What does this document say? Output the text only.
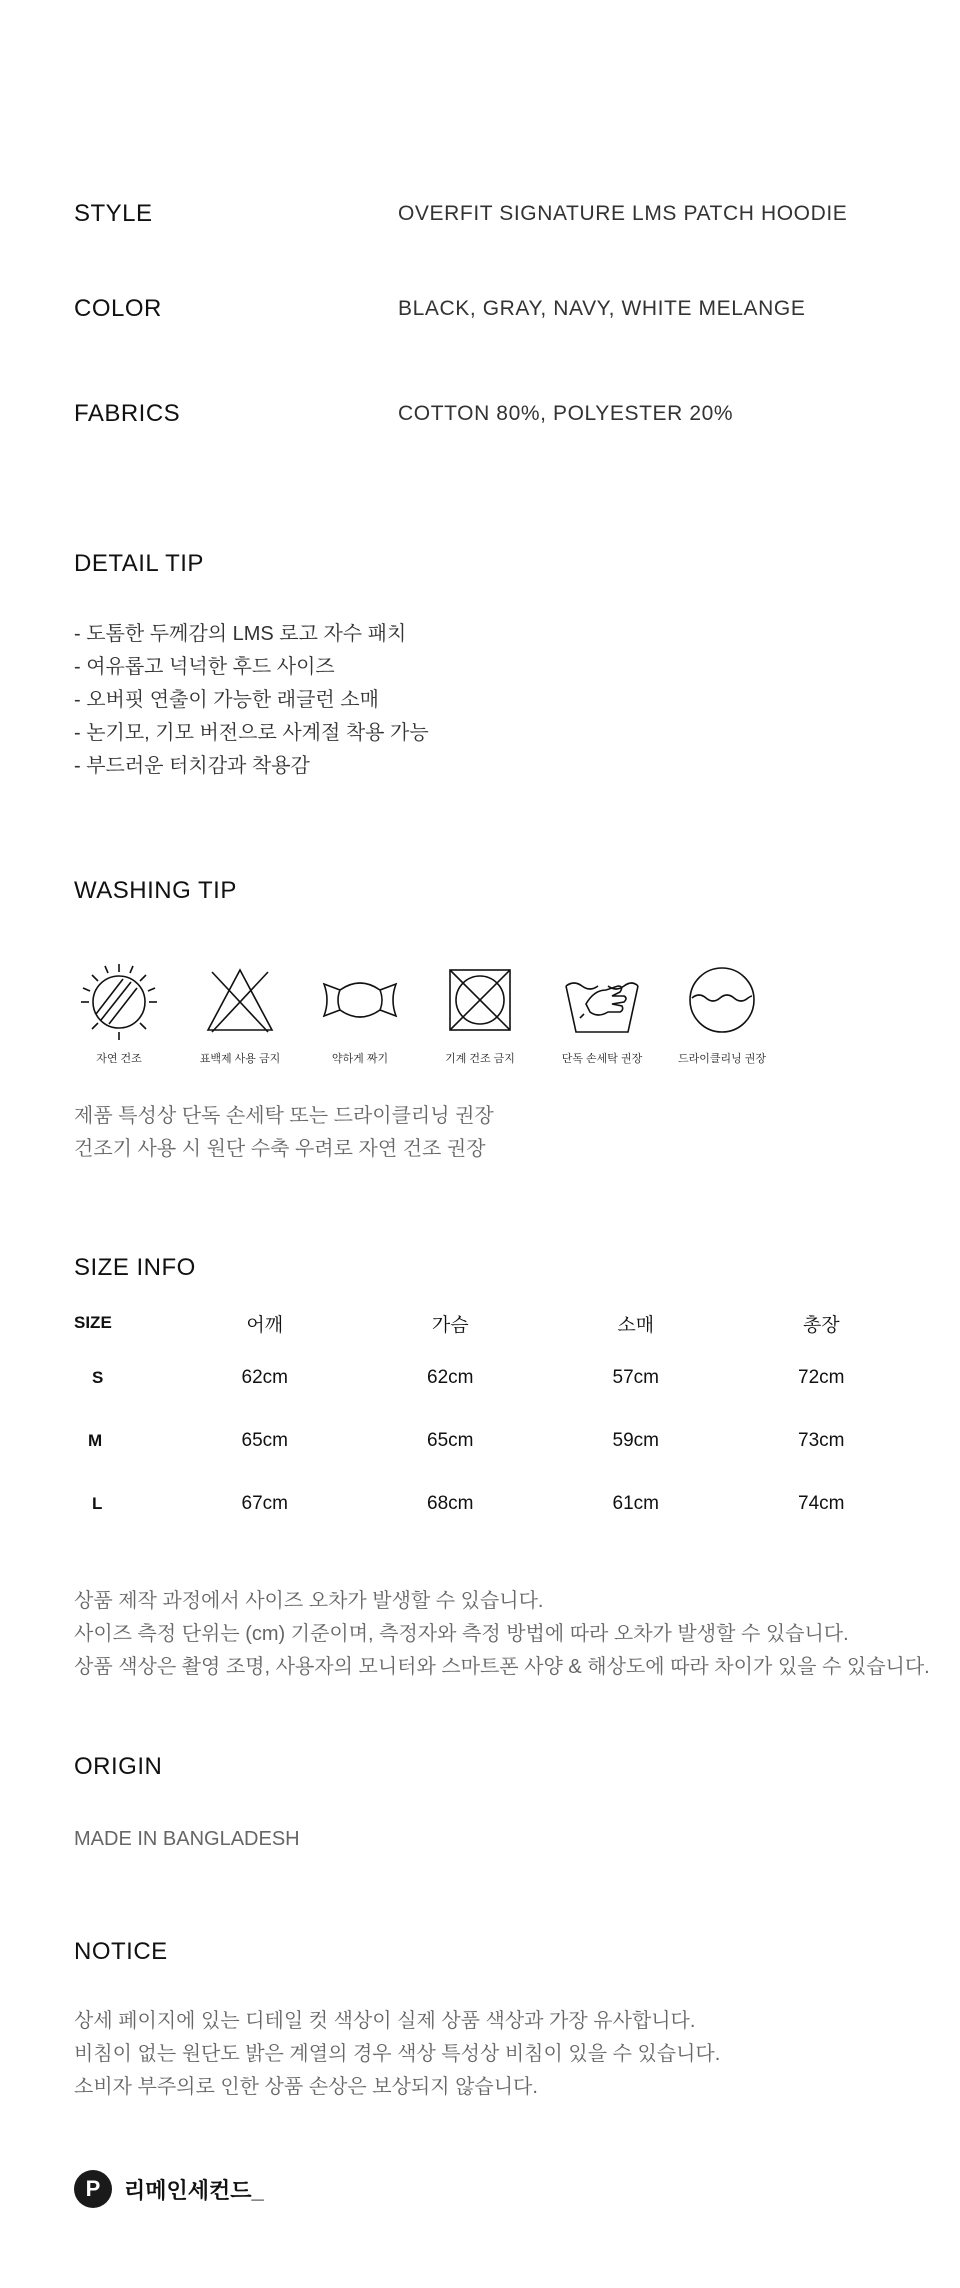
STYLE	OVERFIT SIGNATURE LMS PATCH HOODIE
COLOR	BLACK, GRAY, NAVY, WHITE MELANGE
FABRICS	COTTON 80%, POLYESTER 20%
DETAIL TIP
- 도톰한 두께감의 LMS 로고 자수 패치
- 여유롭고 넉넉한 후드 사이즈
- 오버핏 연출이 가능한 래글런 소매
- 논기모, 기모 버전으로 사계절 착용 가능
- 부드러운 터치감과 착용감
WASHING TIP
자연 건조	표백제 사용 금지	약하게 짜기	기계 건조 금지	단독 손세탁 권장	드라이클리닝 권장
제품 특성상 단독 손세탁 또는 드라이클리닝 권장
건조기 사용 시 원단 수축 우려로 자연 건조 권장
SIZE INFO
SIZE	어깨	가슴	소매	총장
S	62cm	62cm	57cm	72cm
M	65cm	65cm	59cm	73cm
L	67cm	68cm	61cm	74cm
상품 제작 과정에서 사이즈 오차가 발생할 수 있습니다.
사이즈 측정 단위는 (cm) 기준이며, 측정자와 측정 방법에 따라 오차가 발생할 수 있습니다.
상품 색상은 촬영 조명, 사용자의 모니터와 스마트폰 사양 & 해상도에 따라 차이가 있을 수 있습니다.
ORIGIN
MADE IN BANGLADESH
NOTICE
상세 페이지에 있는 디테일 컷 색상이 실제 상품 색상과 가장 유사합니다.
비침이 없는 원단도 밝은 계열의 경우 색상 특성상 비침이 있을 수 있습니다.
소비자 부주의로 인한 상품 손상은 보상되지 않습니다.
P	리메인세컨드_
